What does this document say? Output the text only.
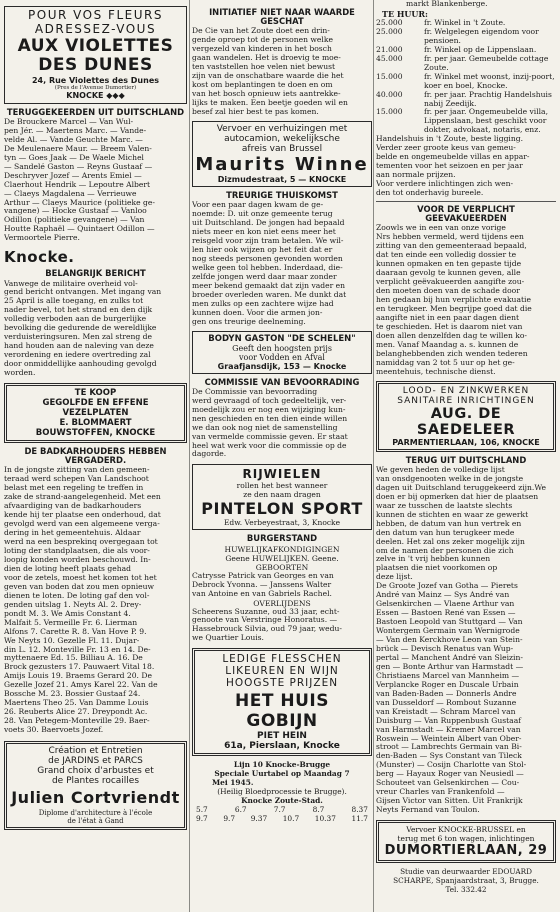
POUR VOS FLEURS
ADRESSEZ-VOUS
AUX VIOLETTES
DES DUNES
24, Rue Violettes des Dunes
(Pres de l'Avenue Dumortier)
KNOCKE ◆◆◆
TERUGGEKEERDEN UIT DUITSCHLAND
De Brouckere Marcel — Van Wul-
pen Jér. — Maertens Marc. — Vande-
velde Al. — Vande Geuchte Marc. —
De Meulenaere Maur. — Breem Valen-
tyn — Goes Jaak — De Waele Michel
— Sandelé Gaston — Reyns Gustaaf —
Deschryver Jozef — Arents Emiel —
Claerhout Hendrik — Lepoutre Albert
— Claeys Magdalena — Verrieuwe
Arthur — Claeys Maurice (politieke ge-
vangene) — Hocke Gustaaf — Vanloo
Odillon (politieke gevangene) — Van
Houtte Raphaël — Quintaert Odillon —
Vermoortele Pierre.
Knocke.
BELANGRIJK BERICHT
Vanwege de militaire overheid vol-
gend bericht ontvangen. Met ingang van
25 April is alle toegang, en zulks tot
nader bevel, tot het strand en den dijk
volledig verboden aan de burgerlijke
bevolking die gedurende de wereldlijke
verduisteringsuren. Men zal streng de
hand houden aan de naleving van deze
verordening en iedere overtreding zal
door onmiddellijke aanhouding gevolgd
worden.
TE KOOP
GEGOLFDE EN EFFENE
VEZELPLATEN
E. BLOMMAERT
BOUWSTOFFEN, KNOCKE
DE BADKARHOUDERS HEBBEN VERGADERD.
In de jongste zitting van den gemeen-
teraad werd schepen Van Landschoot
belast met een regeling te treffen in
zake de strand-aangelegenheid. Met een
afvaardiging van de badkarhouders
kende hij ter plaatse een onderhoud, dat
gevolgd werd van een algemeene verga-
dering in het gemeentehuis. Aldaar
werd na een besprekinq overgegaan tot
loting der standplaatsen, die als voor-
loopig konden worden beschouwd. In-
dien de loting heeft plaats gehad
voor de zetels, moest het komen tot het
geven van boden dat zou men opnieuw
dienen te loten. De loting gaf den vol-
genden uitslag 1. Neyts Al. 2. Drey-
pondt M. 3. We Amis Constant 4.
Malfait 5. Vermeille Fr. 6. Lierman
Alfons 7. Carette R. 8. Van Hove P. 9.
We Neyts 10. Gezelle Fl. 11. Dujar-
din L. 12. Monteville Fr. 13 en 14. De-
myttenaere Ed. 15. Billiau A. 16. De
Brock gezusters 17. Pauwaert Vital 18.
Amijs Louis 19. Braems Gerard 20. De
Gezelle Jozef 21. Amys Karel 22. Van de
Bossche M. 23. Bossier Gustaaf 24.
Maertens Theo 25. Van Damme Louis
26. Reuberts Alice 27. Dreypondt Ac.
28. Van Petegem-Monteville 29. Baer-
voets 30. Baervoets Jozef.
Création et Entretien
de JARDINS et PARCS
Grand choix d'arbustes et
de Plantes rocailles
Julien Cortvriendt
Diplome d'architecture à l'école
de l'état à Gand
INITIATIEF NIET NAAR WAARDE GESCHAT
De Cie van het Zoute doet een drin-
gende oproep tot de personen welke
vergezeld van kinderen in het bosch
gaan wandelen. Het is droevig te moe-
ten vaststellen hoe velen niet bewust
zijn van de onschatbare waarde die het
kost om beplantingen te doen en om
van het bosch opnieuw iets aantrekke-
lijks te maken. Een beetje goeden wil en
besef zal hier best te pas komen.
Vervoer en verhuizingen met
autocamion, wekelijksche
afreis van Brussel
Maurits Winne
Dizmudestraat, 5 — KNOCKE
TREURIGE THUISKOMST
Voor een paar dagen kwam de ge-
noemde: D. uit onze gemeente terug
uit Duitschland. De jongen had bepaald
niets meer en kon niet eens meer het
reisgeld voor zijn tram betalen. We wil-
len hier ook wijzen op het feit dat er
nog steeds personen gevonden worden
welke geen tol hebben. Inderdaad, die-
zelfde jongen werd daar maar zonder
meer bekend gemaakt dat zijn vader en
broeder overleden waren. Me dunkt dat
men zulks op een zachtere wijze had
kunnen doen. Voor die armen jon-
gen ons treurige deelneming.
BODYN GASTON "DE SCHELEN"
Geeft den hoogsten prijs
voor Vodden en Afval
Graafjansdijk, 153 — Knocke
COMMISSIE VAN BEVOORRADING
De Commissie van bevoorrading
werd gevraagd of toch gedeeltelijk, ver-
moedelijk zou er nog een wijziging kun-
nen geschieden en ten dien einde willen
we dan ook nog niet de samenstelling
van vermelde commissie geven. Er staat
heel wat werk voor die commissie op de
dagorde.
RIJWIELEN
rollen het best wanneer
ze den naam dragen
PINTELON SPORT
Edw. Verbeyestraat, 3, Knocke
BURGERSTAND
HUWELIJKAFKONDIGINGEN
Geene HUWELIJKEN. Geene.
GEBOORTEN
Catrysse Patrick van Georges en van
Debrock Yvonna. — Janssens Walter
van Antoine en van Gabriels Rachel.
OVERLIJDENS
Scheerens Suzanne, oud 33 jaar, echt-
genoote van Verstringe Honoratus. —
Hassebrouck Silvia, oud 79 jaar, wedu-
we Quartier Louis.
LEDIGE FLESSCHEN
LIKEUREN EN WIJN
HOOGSTE PRIJZEN
HET HUIS GOBIJN
PIET HEIN
61a, Pierslaan, Knocke
Lijn 10 Knocke-Brugge
Speciale Uurtabel op Maandag 7
Mei 1945.
(Heilig Bloedprocessie te Brugge).
Knocke Zoute-Stad.
5.7	6.7	7.7	8.7	8.37
9.7 9.7 9.37 10.7 10.37 11.7
markt Blankenberge.
TE HUUR:
25.000	fr. Winkel in 't Zoute.
25.000	fr. Welgelegen eigendom voor pensioen.
21.000	fr. Winkel op de Lippenslaan.
45.000	fr. per jaar. Gemeubelde cottage Zoute.
15.000	fr. Winkel met woonst, inzij-poort, koer en boel, Knocke.
40.000	fr. per jaar. Prachtig Handelshuis nabij Zeedijk.
15.000	fr. per jaar. Ongemeubelde villa, Lippenslaan, best geschikt voor dokter, advokaat, notaris, enz.
Handelshuis in 't Zoute, beste ligging.
Verder zeer groote keus van gemeu-
belde en ongemeubelde villas en appar-
tementen voor het seizoen en per jaar
aan normale prijzen.
Voor verdere inlichtingen zich wen-
den tot onderhavig bureele.
VOOR DE VERPLICHT GEEVAKUEERDEN
Zoowls we in een van onze vorige
Nrs hebben vermeld, werd tijdens een
zitting van den gemeenteraad bepaald,
dat ten einde een volledig dossier te
kunnen opmaken en ten gepaste tijde
daaraan gevolg te kunnen geven, alle
verplicht geëvakueerden aangifte zou-
den moeten doen van de schade door
hen gedaan bij hun verplichte evakuatie
en terugkeer. Men begrijpe goed dat die
aangifte niet in een paar dagen dient
te geschieden. Het is daarom niet van
doen allen denzelfden dag te willen ko-
men. Vanaf Maandag a. s. kunnen de
belanghebbenden zich wenden tederen
namiddag van 2 tot 5 uur op het ge-
meentehuis, technische dienst.
LOOD- EN ZINKWERKEN
SANITAIRE INRICHTINGEN
AUG. DE SAEDELEER
PARMENTIERLAAN, 106, KNOCKE
TERUG UIT DUITSCHLAND
We geven heden de volledige lijst
van onsdgenooten welke in de jongste
dagen uit Duitschland teruggekeerd zijn.We
doen er bij opmerken dat hier de plaatsen
waar ze tusschen de laatste slechts
kunnen de stichten en waar ze gewerkt
hebben, de datum van hun vertrek en
den datum van hun terugkeer mede
deelen. Het zal ons zeker mogelijk zijn
om de namen der personen die zich
zelve in 't vrij hebben kunnen
plaatsen die niet voorkomen op
deze lijst.
De Groote Jozef van Gotha — Pierets
André van Mainz — Sys André van
Gelsenkirchen — Vlaene Arthur van
Essen — Bastoen René van Essen —
Bastoen Leopold van Stuttgard — Van
Wontergem Germain van Wernigrode
— Van den Kerckhove Leon van Stein-
brück — Devisch Renatus van Wup-
pertal — Manchent André van Sleizin-
gen — Bonte Arthur van Harmstadt —
Christiaens Marcel van Mannheim —
Verplancke Roger en Duscale Urbain
van Baden-Baden — Donnerls Andre
van Dusseldorf — Rombout Suzanne
van Kreistadt — Schram Marcel van
Duisburg — Van Ruppenbush Gustaaf
van Harmstadt — Kremer Marcel van
Roswein — Weintein Albert van Ober-
stroot — Lambrechts Germain van Bi-
den-Baden — Sys Constant van Tileck
(Munster) — Cosijn Charlotte van Stol-
berg — Hayaux Roger van Neusiedl —
Schouteet van Gelsenkirchen — Cou-
vreur Charles van Frankenfold —
Gijsen Victor van Sitten. Uit Frankrijk
Neyts Fernand van Toulon.
Vervoer KNOCKE-BRUSSEL en
terug met 6 ton wagen, inlichtingen
DUMORTIERLAAN, 29
Studie van deurwaarder EDOUARD
SCHARPE, Spanjaardstraat, 3, Brugge.
Tel. 332.42
